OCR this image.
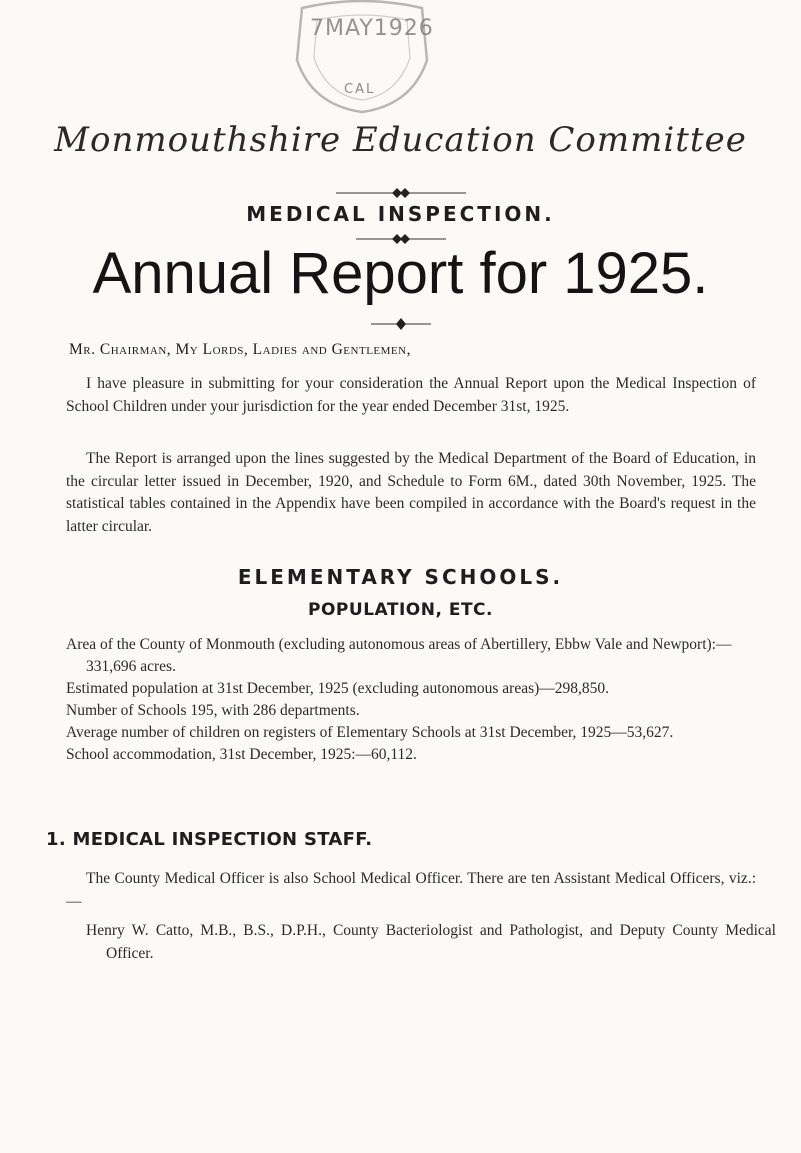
7MAY1926
CAL
Monmouthshire Education Committee
MEDICAL INSPECTION.
Annual Report for 1925.
Mr. Chairman, My Lords, Ladies and Gentlemen,
I have pleasure in submitting for your consideration the Annual Report upon the Medical Inspection of School Children under your jurisdiction for the year ended December 31st, 1925.
The Report is arranged upon the lines suggested by the Medical Department of the Board of Education, in the circular letter issued in December, 1920, and Schedule to Form 6M., dated 30th November, 1925. The statistical tables contained in the Appendix have been compiled in accordance with the Board's request in the latter circular.
ELEMENTARY SCHOOLS.
POPULATION, ETC.

Area of the County of Monmouth (excluding autonomous areas of Abertillery, Ebbw Vale and Newport):—331,696 acres.

Estimated population at 31st December, 1925 (excluding autonomous areas)—298,850.

Number of Schools 195, with 286 departments.

Average number of children on registers of Elementary Schools at 31st December, 1925—53,627.

School accommodation, 31st December, 1925:—60,112.

1. MEDICAL INSPECTION STAFF.
The County Medical Officer is also School Medical Officer. There are ten Assistant Medical Officers, viz.:—
Henry W. Catto, M.B., B.S., D.P.H., County Bacteriologist and Pathologist, and Deputy County Medical Officer.
